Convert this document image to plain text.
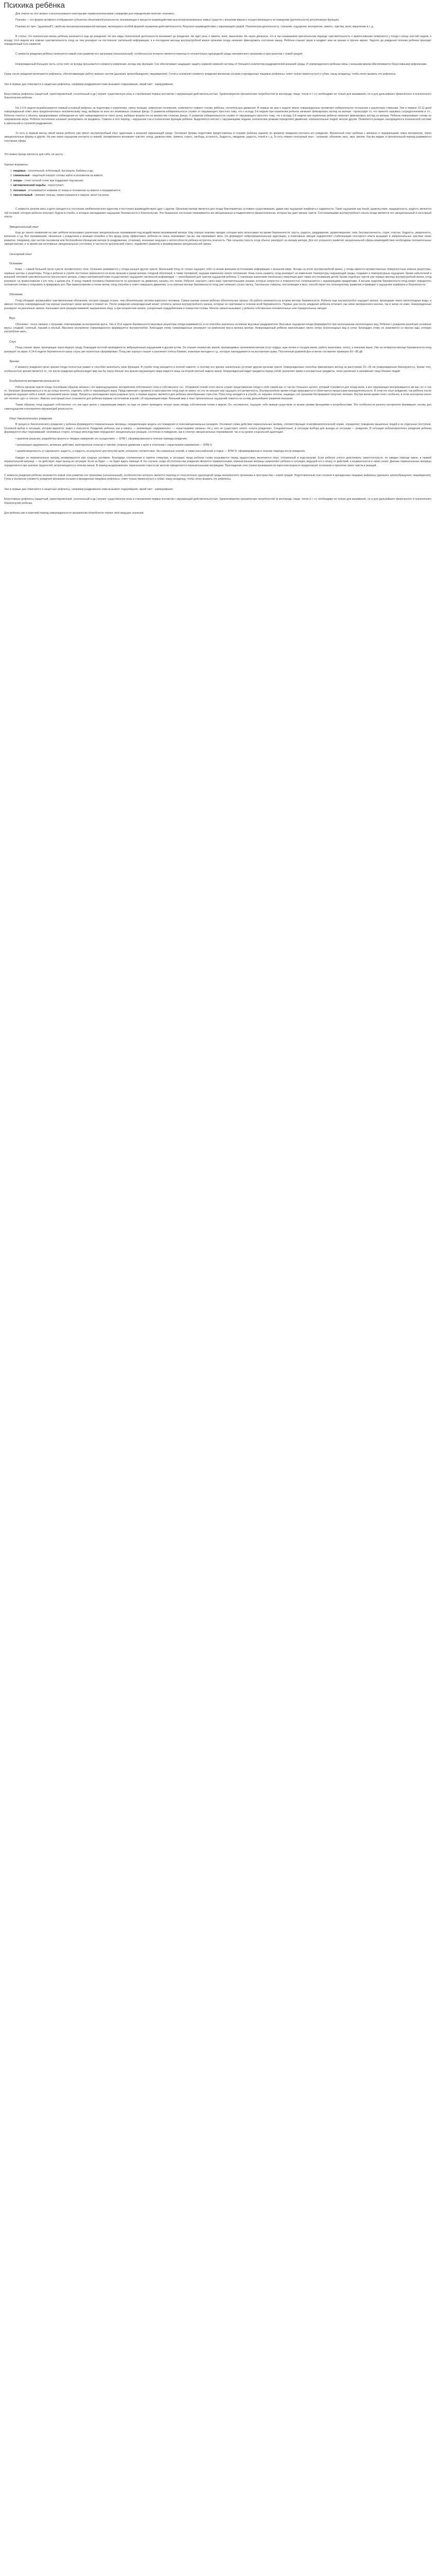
Психика ребёнка

Для ответа на этот вопрос я воспользовался некоторыми терминологическими словарями для определения понятия «психика».

Психика — это форма активного отображения субъектом объективной реальности, возникающая в процессе взаимодействия высокоорганизованных живых существ с внешним миром и осуществляющая в их поведении (деятельности) регулятивную функцию.

Психика (от греч. "душевный"), свойство высокоорганизованной материи, являющееся особой формой отражения действительности. Результат взаимодействия с окружающей средой. Психическая деятельность: сознание, ощущение, восприятие, память, чувства, воля, мышление и т. д.

В статье, что психическая жизнь ребёнка начинается еще до рождения. Но все виды психической деятельности возникают до рождения. Не идёт речь о памяти, воле, мышлении. Но наука доказала, что в так называемом пренатальном периоде чувствительность к прикосновению появляется у плода к концу шестой недели, к исходу 14-й недели вся кожная чувствительность плод на тем реагирует на постоянное тактильной информации, а в последнем месяцы внутриутробной жизни организм плода начинает фиксировать состояние мышц. Ребёнок слышит звуки и владеет ими на разных и прочих звуках. Задолго до рождения психика ребёнка проходит определенный путь развития.

С момента рождения ребёнка начинается новый этап развития его организма (неонатальный), особенностью которого является переход от относительно однородной среды материнского организма в пространства с новой средой.

Новорожденный большую часть суток спит, но всегда просыпается к моменту кормления, всегда ему функции. Сон обеспечивает защищают защиту нервной нервной системы от большого количества раздражителей внешней среды. И новорожденного ребенка связь с внешним миром обеспечивается безусловными рефлексами.

Сразу после рождения включаются рефлексы, обеспечивающие работу важных систем (дыхания, кровообращения, пищеварения). Готов в основном к моменту рождения механизм сосания и врожденные пищевые рефлексы: ответ только прикоснуться к губам, языку младенцу, чтобы легко вызвать это рефлексы.

Уже в первые дни отмечается и защитные рефлексы, например раздражение кожи вызывает отдергивание, яркий свет - зажмуривание.

Безусловные рефлексы (защитный, ориентировочный, сосательный и др.) играют существенную роль в становлении первых контактов с окружающей действительностью. Удовлетворение органических потребностей (в кислороде, пище, тепле и т. п.) необходимо не только для выживания, но и для дальнейшего физического и психического благополучия ребенка.

На 2-3-й неделе вырабатывается первый условный рефлекс на подготовку к кормлению, смену позиции, изменение положения, появляются поворот головы ребёнка, глотательные движения. В первые же дни и неделе жизни новорожденные проявляют избирательное отношение к различным стимулам. Уже в первые 10-12 дней новорожденный ответ явно предпочтительно человеческому лицу, выбирая из всех его возможных сложных фигур. О развитии избирательности служит от окружающего простого тому, что к исходу 3-й недели при кормлении ребенок начинает фиксировать взгляд на матери - происходит то, что принято называть сосредоточением и т.п.. Ребенок тянется к объекту, предпринимает наблюдения из трёх новорожденности тянет ручку, выбирая взором его из множества сложных фигур. О развитии избирательности служит от окружающего простого тому, что к исходу 3-й недели при кормлении ребёнок начинает фиксировать взгляд на матери. Ребенок поворачивает голову по направлению звука. Ребёнок постепенно начинает реагировать на предметы. Главное в этот период – нарушение сна и психические функции ребёнка. Выделяются контакт с окружающими людьми, психические реакции определяют движения, отвлекательные людей, многие другие. Появляется реакция, находящаяся в психической системе в зрительной и слуховой раздражения.

То есть в первый месяц своей жизни ребёнок уже имеет внутриутробный опыт адаптации к внешней окружающей среде. Основные формы подготовки предоставлены в психике ребёнка заранее по времени ожидания контакта его рождения. Жизненный опыт ребёнка с матерью и окружающими через восприятие, через эмоциональные формы и другие. Но уже через ощущение контакта со мамой, своевременно возникает чувство: голод, удовольствие, тревога, стресс, свобода, усталость, бодрость, ожидание, радость, покой и т. д. То есть помнит сенсорный опыт - осязание, обоняние, вкус, звук, зрение. Как мы видим, в пренатальный период развивается сенсорная сфера.

Это можно проще прочесть для себя, не шесть:

Хорошо выражены:

1. пищевые - сосательный, хоботковый, Куссмаули, Бабкина и др.;
2. спинальные - защитный поворот головы набок в положении на животе;
3. опоры - стоит на всей стопе при поддержке под мышки;
4. автоматической ходьбы - переступает;
5. ползанья - отталкивается ножками от опоры в положении на животе и передвигается;
6. хватательный - сжимает пальцы, прикоснувшиеся к ладони, висит на руках.

С момента зачатия мать и дитя находятся в состоянии симбиотического единства и постоянно взаимодействуют друг с другом. Организм матери является для плода благоприятных условиях существования, давая ему ощущение комфорта и надежности. Такие ощущения как покой, удовольствие, защищённость, радость являются той основой, которую ребенок получает, будучи в утробе, и которые закладывают ощущение безопасности и благополучия. Это блаженное состояние переживается им эмоционально и подкрепляется физиологически, которую мы дает органы чувств. Состояниющими внутриутробного опыта плода являются его эмоциональный и сенсорный опыты.

Эмоциональный опыт

Еще до своего появления на свет ребёнок испытывает различные эмоциональные переживания под воздействием переживаний матери. Ему хорошо знакомы эмоции, которые мать испытывает во время беременности: грусть, радость, раздражение, удовлетворение, гнев, бессмысленность, страх, счастье, бодрость, уверенность, волнение и т.д. Все переживания, связанные с рождением и реакции спокойно и без вреда сразу эффективно, ребенок не очень переживает так же, как переживает мать. Он формирует нейроэмоциональную адаптацию, а позитивные эмоции подкрепляют стабилизацию сенсорного опыта вызывает в эмбриональных чувствах своих развитие. Например, при частом пассивном или беспокойном обращении матери (в раздражении, отчаянии), возникает ведущее к неспособности ребенка встретить опасность. При сильном стрессе плод обычно реагирует на эмоции матери. Для его успешного развития эмоциональной сферы взаимодействия необходимы положительные эмоции матери, а то время как негативные эмоциональные состояния, в частности хронический стресс, подавляют развитие и формирование эмоциональной сферы.

Сенсорный опыт

Осязание

Кожа — самый большой орган чувств человеческого тела. Осязание развивается у плода раньше других чувств. Маленький плод не только ощущает себя со всеми важными источниками информации о внешнем мире. Всегда на итоге внутриутробной жизни, у плода имеются множественные поверхностные кожные рецепторы, нервные центры и рецепторы. Плод и ребенок в утробе постоянно прикасается ко всем органам и рукам матери, плодной оболочкой, и также пуповиной, ощущая изменения своего положения. Кожа очень развита, плод реагирует на изменения температуры окружающей среды, создавая и температурные ощущения. Кроме избыточной и внешней тепловой чувствительности при контакте матери, стимул материнской кожи осуществляют ощущения тактильной информации — своеобразной для чувства ощущений ребенка. С огромным значением тактильная стимуляция дает также его понимание детей. Кроме подобных чувств уже первые месяцы внутриутробной жизни, плод реагирует на прикосновение к его телу, к щекам рта. К концу первой половины беременности он реагирует на движения, касаясь его телом. Ребенок «изучает» свою кожу чувствительными зонами, которые скоростно и поверхностно соприкасаются с окружающими предметами. К восьми неделям беременности плод может определять положения головы и открывать и прикрывать рот. При прикосновении к стенке матки, плод способен в ответ совершать движения, а на третьем месяце беременности плод уже начинает сосать палец. Тактильные стимулы, поступающие в мозг, способствуют его полноценному развитию и приводят к ощущению комфорта и безопасности.

Обоняние

Плод обладает чрезвычайно чувствительным обонянием, которое гораздо острее, чем обонятельная система взрослого человека. Самые ранние знания ребенка обонятельные органы. Их работа начинается на втором месяце беременности. Ребенок еще внутриутробно ощущает запахи, прошедшие через околоплодные воды, и именно поэтому новорожденный так хорошо различает запах матери и помнит их. После рождения новорожденный может отличить запахи внутриутробного запаха, которые он чувствовал в течение всей беременности. Первые дни после рождения ребенок отличает, как запах материнского молока, так и запах ее кожи. Новорожденные реагируют на различные запахи, показывая свою реакцию мимикой, выражением лица, а при неприятном запахе, ускоренным сердцебиением и поворотом головы. Многие запахи вызывают у ребенка собственные положительные или отрицательные эмоции.

Вкус

Обоняние - тесно связано с органами, отвечающими за восприятие вкуса. Уже в 15-й неделе беременности вкусовые рецепторы плода развиваются, и он способен различать основные вкусовые раздражители. Вкусовые ощущения плода формируются при заглатывании околоплодных вод. Ребенок с рождения различает основные вкусы: сладкий, соленый, горький и кислый. Вкусовое восприятие новорожденного формируется внутриутробно. Благодаря этому новорожденные реагируют на изменения вкуса молока матери. Новорожденный ребёнок проглатывает около литра околоплодных вод в сутки. Благодаря этому он знакомится со вкусом еды, которую употребляет мать.

Слух

Плод слышит звуки, проходящие через водную среду. Благодаря костной проводимости, вибрационным ощущениям и другим путям. Он слышит множество звуков, производимых организмом матери (стук сердца, шум легких и сосудов матки, работу кишечника, голос), и внешние звуки. Уже на четвертом месяце беременности плод реагирует на звуки. К 24-й неделе беременности орган слуха уже полностью сформирован. Плод уже хорошо слышит и различает голоса близких, знакомые мелодии и т.д., которые накладываются на внутренние шумы. Постоянный шумовой фон в матке составляет примерно 60—85 дБ.

Зрение

К моменту рождения орган зрения плода полностью развит и способен выполнить свою функцию. В утробе плод находится в полной темноте, и поэтому его зрение значительно уступает другим органам чувств. Новорожденные способны фиксировать взгляд на расстоянии 20—25 см (новорожденная близорукость). Кроме того, особенностью зрения является то, что после рождения ребенок видит мир как бы черно-белым: все краски окружающего мира видятся лишь на второй-третьей неделе жизни. Новорожденный видит предметы перед собой, различает яркие и контрастные предметы, четко различает и запоминает лица близких людей.

Особенности восприятия реальности

Работа органов чувств плода теснейшим образом связана с его мироощущением, восприятием собственного тела и собственного «я». Отправной точкой этого опыта служит представление плода о себе самом как «о части» большого целого, который становится для плода всем, а все окружающее воспринимается им как «я» и «не я». Начинает формироваться и не до конца понятно, отделить себя от окружающего мира. Представления о времени и пространстве плод ещё не имеет, но это не мешает ему ощущать его ритмичность. Внутриутробное время плода прерывается и облегчается процессами жизнедеятельности. В этом его опыт рождения, так ребёнок после рождения ощущает себя в новой, незнакомой ранее среде. Процессы прохождения через родовые пути, и первые вздохи, являются для ребенка своеобразным стрессом. Пока плод находится в утробе, он окружен теплом, защищен, его организм беспрерывно получает питание. Внутри матки время течёт особенно, в этом сенсорном опыте нет понятия «до» и «после». Именно сенсорный опыт становится для ребенка первым «источником знаний» об окружающем мире. Внешний мир и опыт пренатальных ощущений ложатся на основу дальнейшего развития познания.

Таким образом, плод ощущает собственное «я» как одно целое с окружающим миром, но еще не умеет проводить четкую грань между собственным телом и миром. Он, несомненно, ощущает себя живым существом со всеми своими функциями и потребностями. Эти особенности раннего восприятия формируют основу для самоощущения и восприятия окружающей реальности.

Опыт биологического рождения

В процессе биологического рождения у ребенка формируются перинатальные матрицы, определяющие модель его поведения в психоэмоциональных реакциях. Основная схема действия перинатальных матриц, соответствующих психофизиологической норме, определяет поведение мышечных людей и их отдельных поступков. Основной выбор в ситуации, которая вероятно, ведет к опасности. Рождение ребенка, как и смерть — реализация «задуманного» — нерасторжимо связаны. Ни у кого не существует своего «опыта рождения». Следовательно, в ситуации выбора для выхода из ситуации — рождение. В ситуации неблагоприятного рождения ребенка формируется опыт переживаний: негативных сторон, которые впоследствии определяют эмоциональные реакции, состояние и поведение, как в спектре эмоциональных переживаний, так и на уровне социальной адаптации.

• принятие решения, разработка проекта и твердое намерение его осуществить — БПМ I. сформированная в течение периода рождения;

• реализация задуманного, активные действия, многократные попытки и тактики, упорное движение к цели в сочетании с нарастанием напряжения — БПМ II;

• удовлетворенность от сделанного, радость, и гордость за результат достигнутой цели, успешное соответствие, без напрасных усилий, а также расслабление и отдых — БПМ IV, сформированная в течение периода после рождения.

Каждая из перинатальных матриц активизируется при сходных условиях. Благодаря отложенным в памяти стимулам, в ситуации, когда ребенок снова оказывается перед трудностями, включается опыт, отложенный в подсознании. Если ребенок учится действовать самостоятельно, не ожидая помощи извне, в первой перинатальной матрице — он действует, ищет выход из ситуации. Если не будет — он будет ждать помощи. В тех случаях, когда обстоятельства рождения являются травматичными, перинатальные матрицы закрепляют ребенка в ситуации, ведущей его к отказу от действий, к неуверенности в своих силах. Данные перинатальные матрицы определяются при анализе трудностей, встречающихся в течение жизни. В период выздоровления, перенесения стресса во многом определяется перинатальными матрицами. Прохождение этих этапов проживания во взрослом возрасте предполагает осознание и принятие своих чувств и реакций.

С момента рождения ребёнка начинается новый этап развития его организма (неонатальный), особенностью которого является переход от относительно однородной среды материнского организма в пространства с новой средой. Подготовленный этап сосания и врожденные пищевые рефлексы (дыхания, кровообращения, пищеварения). Готов в основном к моменту рождения механизм сосания и врожденные пищевые рефлексы: ответ только прикоснуться к губам, языку младенцу, чтобы легко вызвать это рефлексы.

Уже в первые дни отмечается и защитные рефлексы, например раздражение кожи вызывает отдергивание, яркий свет - зажмуривание.

Безусловные рефлексы (защитный, ориентировочный, сосательный и др.) играют существенную роль в становлении первых контактов с окружающей действительностью. Удовлетворение органических потребностей (в кислороде, пище, тепле и т. п.) необходимо не только для выживания, но и для дальнейшего физического и психического благополучия ребенка.

Для ребенка уже в короткий период новорожденности органически потребности теряют своё ведущее значение.
